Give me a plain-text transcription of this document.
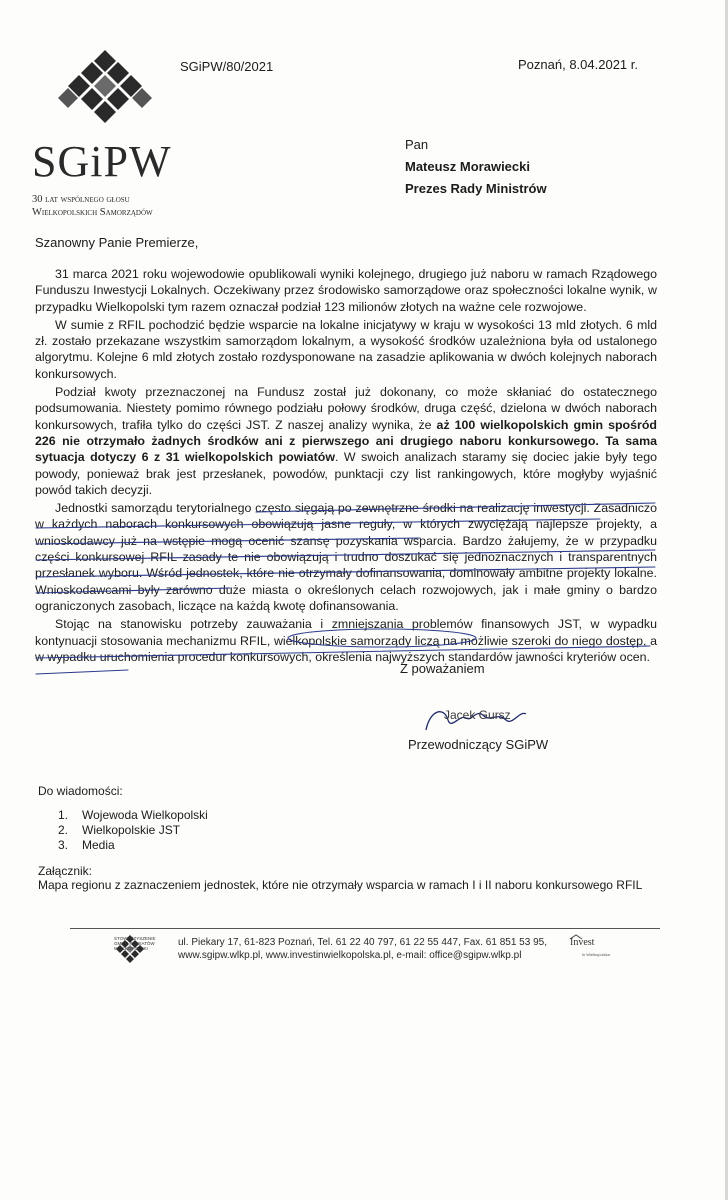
SGiPW
30 lat wspólnego głosu
Wielkopolskich Samorządów
SGiPW/80/2021	Poznań, 8.04.2021 r.
Pan
Mateusz Morawiecki
Prezes Rady Ministrów
Szanowny Panie Premierze,

31 marca 2021 roku wojewodowie opublikowali wyniki kolejnego, drugiego już naboru w ramach Rządowego Funduszu Inwestycji Lokalnych. Oczekiwany przez środowisko samorządowe oraz społeczności lokalne wynik, w przypadku Wielkopolski tym razem oznaczał podział 123 milionów złotych na ważne cele rozwojowe.

W sumie z RFIL pochodzić będzie wsparcie na lokalne inicjatywy w kraju w wysokości 13 mld złotych. 6 mld zł. zostało przekazane wszystkim samorządom lokalnym, a wysokość środków uzależniona była od ustalonego algorytmu. Kolejne 6 mld złotych zostało rozdysponowane na zasadzie aplikowania w dwóch kolejnych naborach konkursowych.

Podział kwoty przeznaczonej na Fundusz został już dokonany, co może skłaniać do ostatecznego podsumowania. Niestety pomimo równego podziału połowy środków, druga część, dzielona w dwóch naborach konkursowych, trafiła tylko do części JST. Z naszej analizy wynika, że aż 100 wielkopolskich gmin spośród 226 nie otrzymało żadnych środków ani z pierwszego ani drugiego naboru konkursowego. Ta sama sytuacja dotyczy 6 z 31 wielkopolskich powiatów. W swoich analizach staramy się dociec jakie były tego powody, ponieważ brak jest przesłanek, powodów, punktacji czy list rankingowych, które mogłyby wyjaśnić powód takich decyzji.

Jednostki samorządu terytorialnego często sięgają po zewnętrzne środki na realizację inwestycji. Zasadniczo w każdych naborach konkursowych obowiązują jasne reguły, w których zwyciężają najlepsze projekty, a wnioskodawcy już na wstępie mogą ocenić szansę pozyskania wsparcia. Bardzo żałujemy, że w przypadku części konkursowej RFIL zasady te nie obowiązują i trudno doszukać się jednoznacznych i transparentnych przesłanek wyboru. Wśród jednostek, które nie otrzymały dofinansowania, dominowały ambitne projekty lokalne. Wnioskodawcami były zarówno duże miasta o określonych celach rozwojowych, jak i małe gminy o bardzo ograniczonych zasobach, liczące na każdą kwotę dofinansowania.

Stojąc na stanowisku potrzeby zauważania i zmniejszania problemów finansowych JST, w wypadku kontynuacji stosowania mechanizmu RFIL, wielkopolskie samorządy liczą na możliwie szeroki do niego dostęp, a w wypadku uruchomienia procedur konkursowych, określenia najwyższych standardów jawności kryteriów ocen.

Z poważaniem
Jacek Gursz
Przewodniczący SGiPW
Do wiadomości:
1. Wojewoda Wielkopolski
2. Wielkopolskie JST
3. Media
Załącznik:
Mapa regionu z zaznaczeniem jednostek, które nie otrzymały wsparcia w ramach I i II naboru konkursowego RFIL
STOWARZYSZENIE GMIN I POWIATÓW WIELKOPOLSKI
ul. Piekary 17, 61-823 Poznań, Tel. 61 22 40 797, 61 22 55 447, Fax. 61 851 53 95,
www.sgipw.wlkp.pl, www.investinwielkopolska.pl, e-mail: office@sgipw.wlkp.pl
Invest
in Wielkopolska
